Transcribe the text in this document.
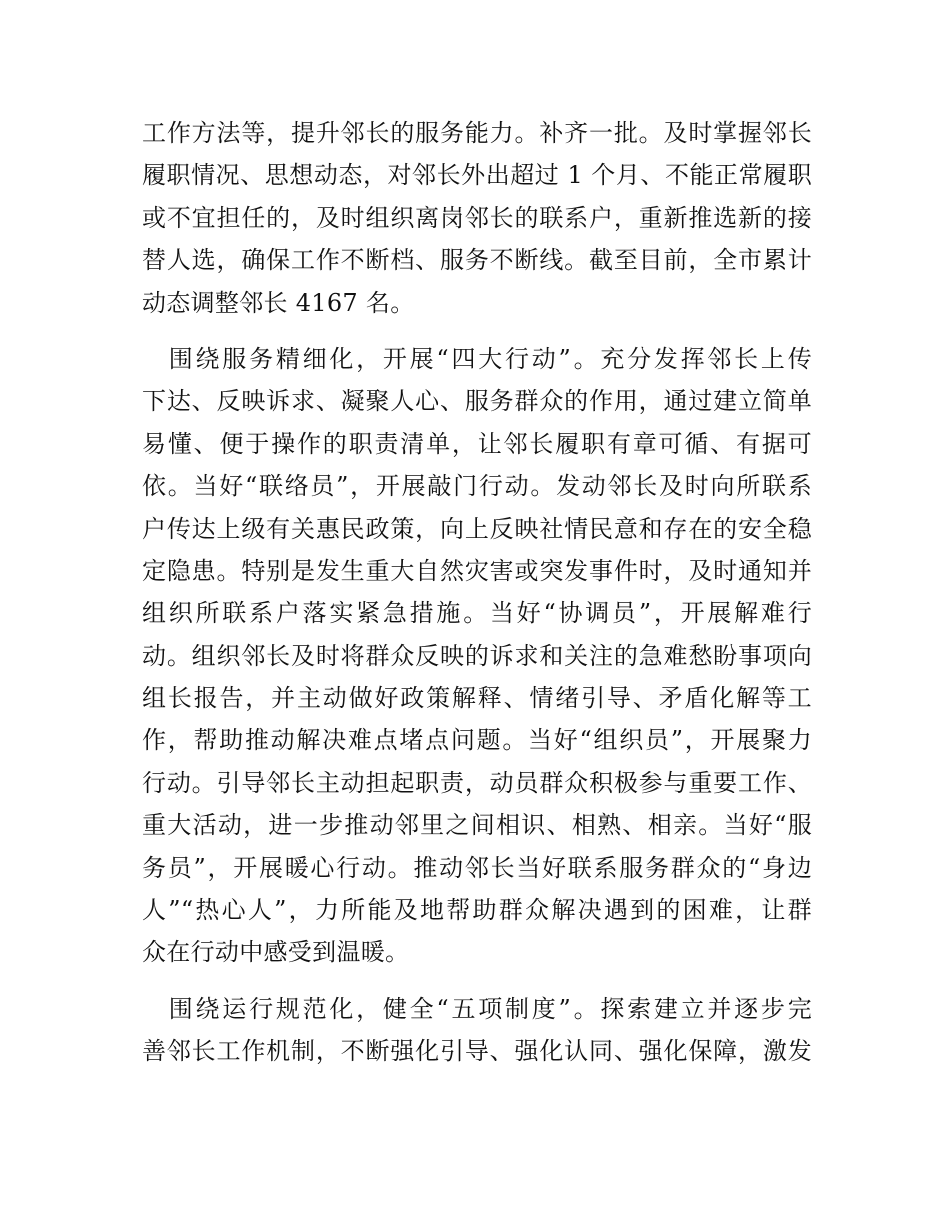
工作方法等，提升邻长的服务能力。补齐一批。及时掌握邻长
履职情况、思想动态，对邻长外出超过 1 个月、不能正常履职
或不宜担任的，及时组织离岗邻长的联系户，重新推选新的接
替人选，确保工作不断档、服务不断线。截至目前，全市累计
动态调整邻长 4167 名。
　围绕服务精细化，开展“四大行动”。充分发挥邻长上传
下达、反映诉求、凝聚人心、服务群众的作用，通过建立简单
易懂、便于操作的职责清单，让邻长履职有章可循、有据可
依。当好“联络员”，开展敲门行动。发动邻长及时向所联系
户传达上级有关惠民政策，向上反映社情民意和存在的安全稳
定隐患。特别是发生重大自然灾害或突发事件时，及时通知并
组织所联系户落实紧急措施。当好“协调员”，开展解难行
动。组织邻长及时将群众反映的诉求和关注的急难愁盼事项向
组长报告，并主动做好政策解释、情绪引导、矛盾化解等工
作，帮助推动解决难点堵点问题。当好“组织员”，开展聚力
行动。引导邻长主动担起职责，动员群众积极参与重要工作、
重大活动，进一步推动邻里之间相识、相熟、相亲。当好“服
务员”，开展暖心行动。推动邻长当好联系服务群众的“身边
人”“热心人”，力所能及地帮助群众解决遇到的困难，让群
众在行动中感受到温暖。
　围绕运行规范化，健全“五项制度”。探索建立并逐步完
善邻长工作机制，不断强化引导、强化认同、强化保障，激发
